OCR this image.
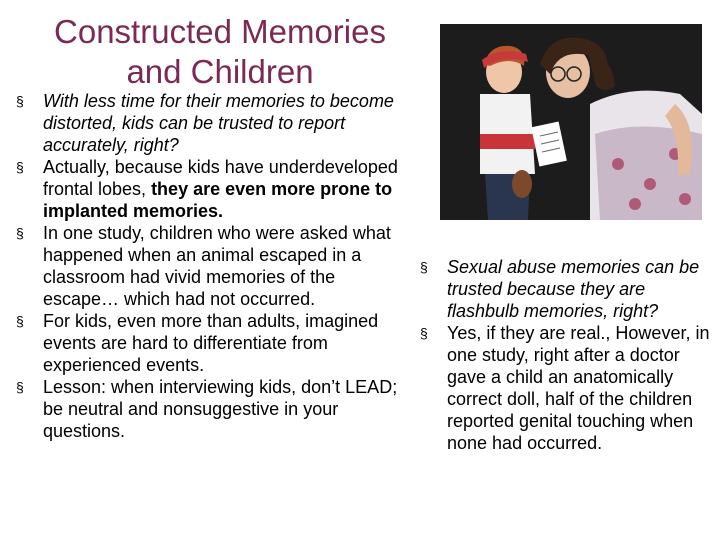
Constructed Memories
and Children
§ With less time for their memories to become distorted, kids can be trusted to report accurately, right?
§ Actually, because kids have underdeveloped frontal lobes, they are even more prone to implanted memories.
§ In one study, children who were asked what happened when an animal escaped in a classroom had vivid memories of the escape… which had not occurred.
§ For kids, even more than adults, imagined events are hard to differentiate from experienced events.
§ Lesson: when interviewing kids, don’t LEAD; be neutral and nonsuggestive in your questions.
§ Sexual abuse memories can be trusted because they are flashbulb memories, right?
§ Yes, if they are real., However, in one study, right after a doctor gave a child an anatomically correct doll, half of the children reported genital touching when none had occurred.
